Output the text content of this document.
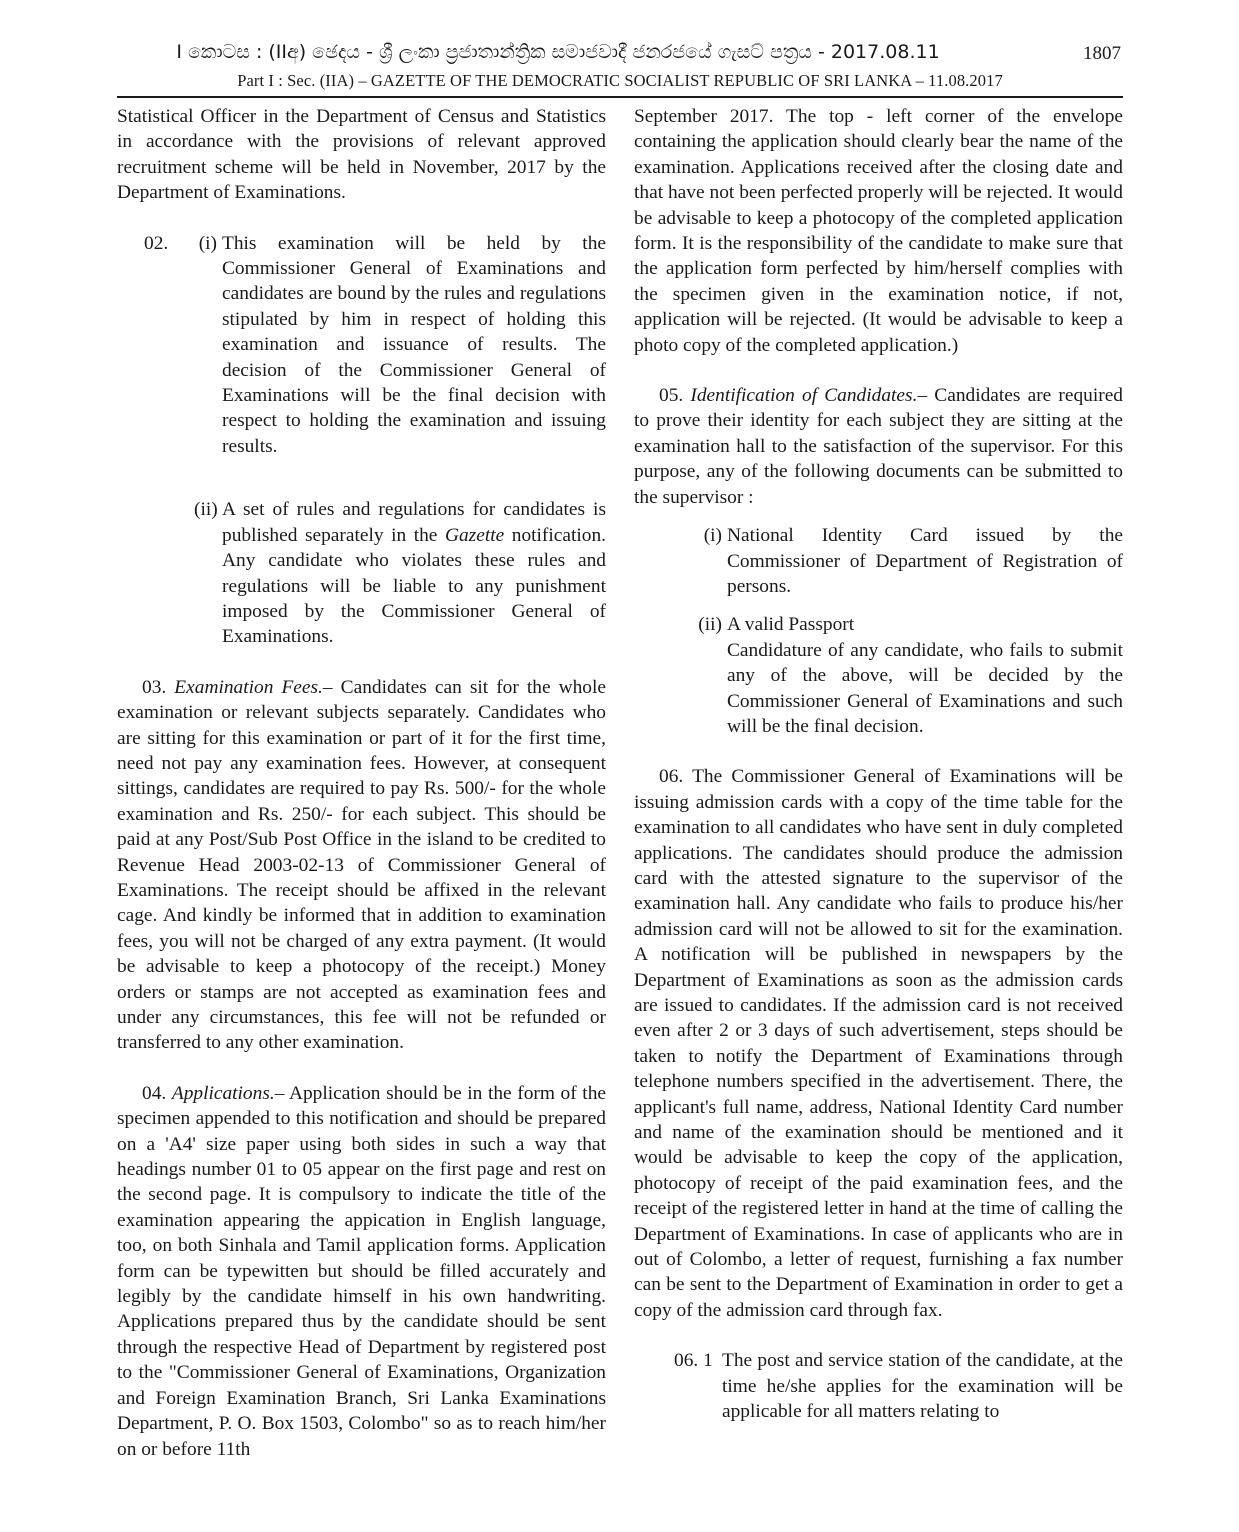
I කොටස : (IIඅ) ඡෙදය - ශ්‍රී ලංකා ප්‍රජාතාන්ත්‍රික සමාජවාදී ජනරජයේ ගැසට් පත්‍රය - 2017.08.11	1807
Part I : Sec. (IIA) – GAZETTE OF THE DEMOCRATIC SOCIALIST REPUBLIC OF SRI LANKA – 11.08.2017

Statistical Officer in the Department of Census and Statistics in accordance with the provisions of relevant approved recruitment scheme will be held in November, 2017 by the Department of Examinations.

02.	(i) This examination will be held by the Commissioner General of Examinations and candidates are bound by the rules and regulations stipulated by him in respect of holding this examination and issuance of results. The decision of the Commissioner General of Examinations will be the final decision with respect to holding the examination and issuing results.
(ii) A set of rules and regulations for candidates is published separately in the Gazette notification. Any candidate who violates these rules and regulations will be liable to any punishment imposed by the Commissioner General of Examinations.

03. Examination Fees.– Candidates can sit for the whole examination or relevant subjects separately. Candidates who are sitting for this examination or part of it for the first time, need not pay any examination fees. However, at consequent sittings, candidates are required to pay Rs. 500/- for the whole examination and Rs. 250/- for each subject. This should be paid at any Post/Sub Post Office in the island to be credited to Revenue Head 2003-02-13 of Commissioner General of Examinations. The receipt should be affixed in the relevant cage. And kindly be informed that in addition to examination fees, you will not be charged of any extra payment. (It would be advisable to keep a photocopy of the receipt.) Money orders or stamps are not accepted as examination fees and under any circumstances, this fee will not be refunded or transferred to any other examination.

04. Applications.– Application should be in the form of the specimen appended to this notification and should be prepared on a 'A4' size paper using both sides in such a way that headings number 01 to 05 appear on the first page and rest on the second page. It is compulsory to indicate the title of the examination appearing the appication in English language, too, on both Sinhala and Tamil application forms. Application form can be typewitten but should be filled accurately and legibly by the candidate himself in his own handwriting. Applications prepared thus by the candidate should be sent through the respective Head of Department by registered post to the "Commissioner General of Examinations, Organization and Foreign Examination Branch, Sri Lanka Examinations Department, P. O. Box 1503, Colombo" so as to reach him/her on or before 11th

September 2017. The top - left corner of the envelope containing the application should clearly bear the name of the examination. Applications received after the closing date and that have not been perfected properly will be rejected. It would be advisable to keep a photocopy of the completed application form. It is the responsibility of the candidate to make sure that the application form perfected by him/herself complies with the specimen given in the examination notice, if not, application will be rejected. (It would be advisable to keep a photo copy of the completed application.)

05. Identification of Candidates.– Candidates are required to prove their identity for each subject they are sitting at the examination hall to the satisfaction of the supervisor. For this purpose, any of the following documents can be submitted to the supervisor :

(i) National Identity Card issued by the Commissioner of Department of Registration of persons.
(ii) A valid Passport
Candidature of any candidate, who fails to submit any of the above, will be decided by the Commissioner General of Examinations and such will be the final decision.

06. The Commissioner General of Examinations will be issuing admission cards with a copy of the time table for the examination to all candidates who have sent in duly completed applications. The candidates should produce the admission card with the attested signature to the supervisor of the examination hall. Any candidate who fails to produce his/her admission card will not be allowed to sit for the examination. A notification will be published in newspapers by the Department of Examinations as soon as the admission cards are issued to candidates. If the admission card is not received even after 2 or 3 days of such advertisement, steps should be taken to notify the Department of Examinations through telephone numbers specified in the advertisement. There, the applicant's full name, address, National Identity Card number and name of the examination should be mentioned and it would be advisable to keep the copy of the application, photocopy of receipt of the paid examination fees, and the receipt of the registered letter in hand at the time of calling the Department of Examinations. In case of applicants who are in out of Colombo, a letter of request, furnishing a fax number can be sent to the Department of Examination in order to get a copy of the admission card through fax.

06. 1 The post and service station of the candidate, at the time he/she applies for the examination will be applicable for all matters relating to
